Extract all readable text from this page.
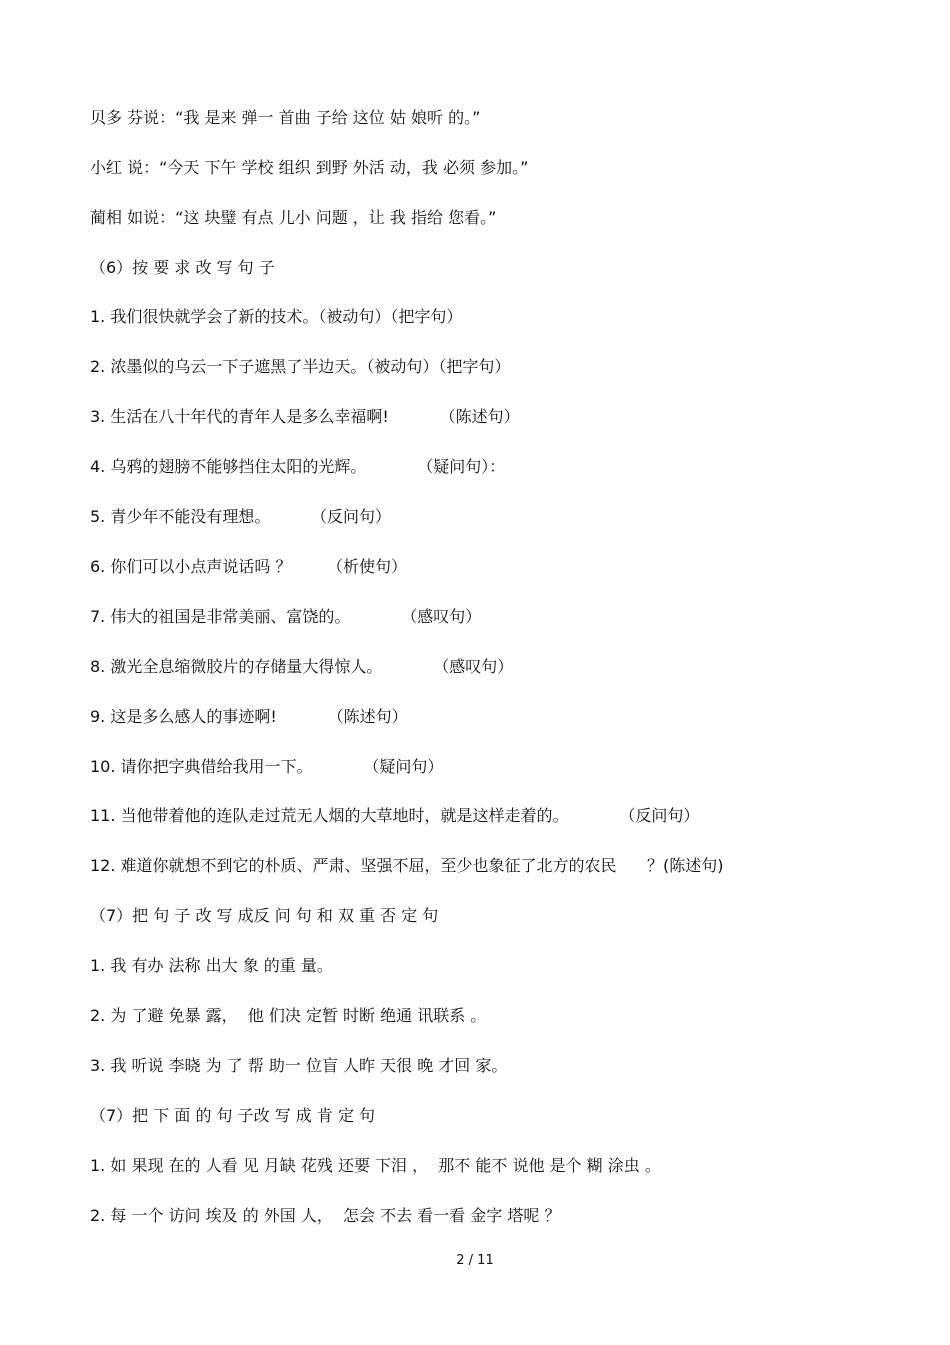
贝多 芬说：“我 是来 弹一 首曲 子给 这位 姑 娘听 的。”
小红 说：“今天 下午 学校 组织 到野 外活 动，我 必须 参加。”
蔺相 如说：“这 块璧 有点 儿小 问题 ，让 我 指给 您看。”
（6）按 要 求 改 写 句 子
1. 我们很快就学会了新的技术。（被动句）（把字句）
2. 浓墨似的乌云一下子遮黑了半边天。（被动句）（把字句）
3. 生活在八十年代的青年人是多么幸福啊!          （陈述句）
4. 乌鸦的翅膀不能够挡住太阳的光辉。          （疑问句）：
5. 青少年不能没有理想。        （反问句）
6. 你们可以小点声说话吗 ？       （析使句）
7. 伟大的祖国是非常美丽、富饶的。          （感叹句）
8. 激光全息缩微胶片的存储量大得惊人。          （感叹句）
9. 这是多么感人的事迹啊!          （陈述句）
10. 请你把字典借给我用一下。          （疑问句）
11. 当他带着他的连队走过荒无人烟的大草地时，就是这样走着的。          （反问句）
12. 难道你就想不到它的朴质、严肃、坚强不屈，至少也象征了北方的农民      ？(陈述句)
（7）把 句 子 改 写 成反 问 句 和 双 重 否 定 句
1. 我 有办 法称 出大 象 的重 量。
2. 为 了避 免暴 露，  他 们决 定暂 时断 绝通 讯联系 。
3. 我 听说 李晓 为 了 帮 助一 位盲 人昨 天很 晚 才回 家。
（7）把 下 面 的 句 子改 写 成 肯 定 句
1. 如 果现 在的 人看 见 月缺 花残 还要 下泪 ，  那不 能不 说他 是个 糊 涂虫 。
2. 每 一个 访问 埃及 的 外国 人，  怎会 不去 看一看 金字 塔呢 ？
2 / 11
